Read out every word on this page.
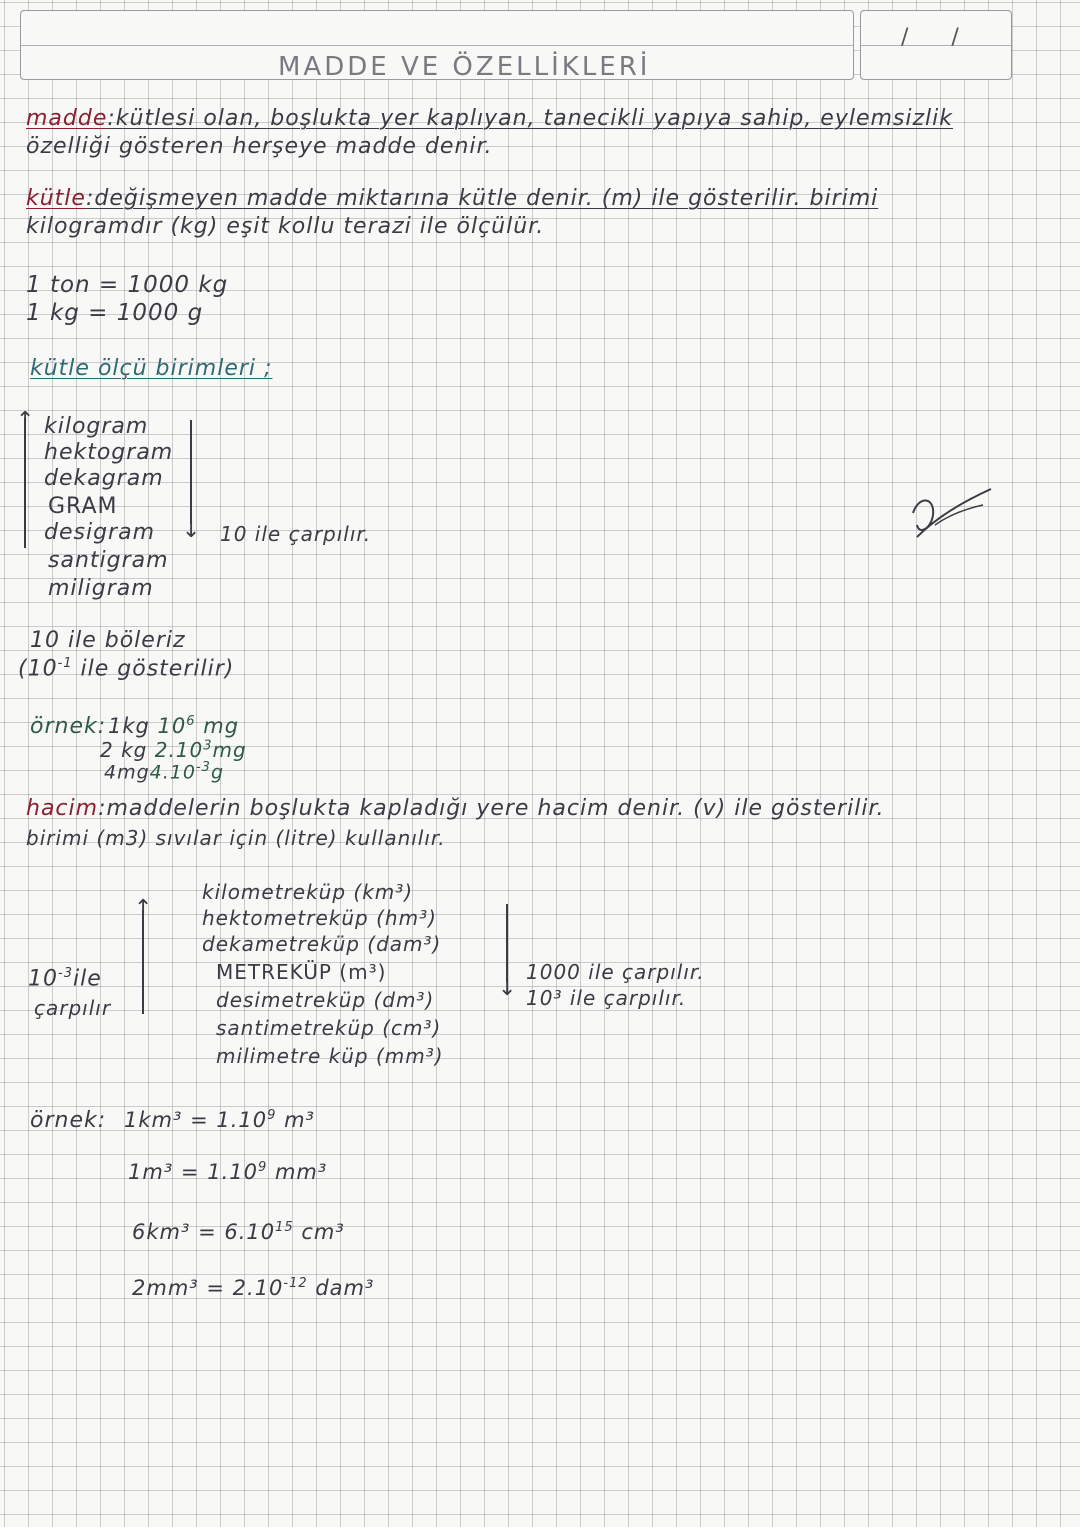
/ /
MADDE VE ÖZELLİKLERİ
madde:kütlesi olan, boşlukta yer kaplıyan, tanecikli yapıya sahip, eylemsizlik
özelliği gösteren herşeye madde denir.
kütle:değişmeyen madde miktarına kütle denir. (m) ile gösterilir. birimi
kilogramdır (kg) eşit kollu terazi ile ölçülür.
1 ton = 1000 kg
1 kg = 1000 g
kütle ölçü birimleri ;
↑ kilogram
hektogram
dekagram
GRAM
desigram
santigram
miligram
↓ 10 ile çarpılır.
10 ile böleriz
($10^{-1}$ ile gösterilir)
örnek: 1kg $10^6$ mg
2 kg 2.10$^3$mg
$4mg4.10^{-3}g$
hacim:maddelerin boşlukta kapladığı yere hacim denir. (v) ile gösterilir.
birimi (m3) sıvılar için (litre) kullanılır.
↑
$10^{-3}ile$
çarpılır
kilometreküp (km³)
hektometreküp (hm³)
dekametreküp (dam³)
METREKÜP (m³)
desimetreküp (dm³)
santimetreküp (cm³)
milimetre küp (mm³)
↓
1000 ile çarpılır.
10³ ile çarpılır.
örnek: $1km^3 = 1.10^9$ m³
$1m^3 = 1.10^9$ mm³
$6km^3 = 6.10^{15}$ cm³
$2mm^3 = 2.10^{-12}$ dam³
